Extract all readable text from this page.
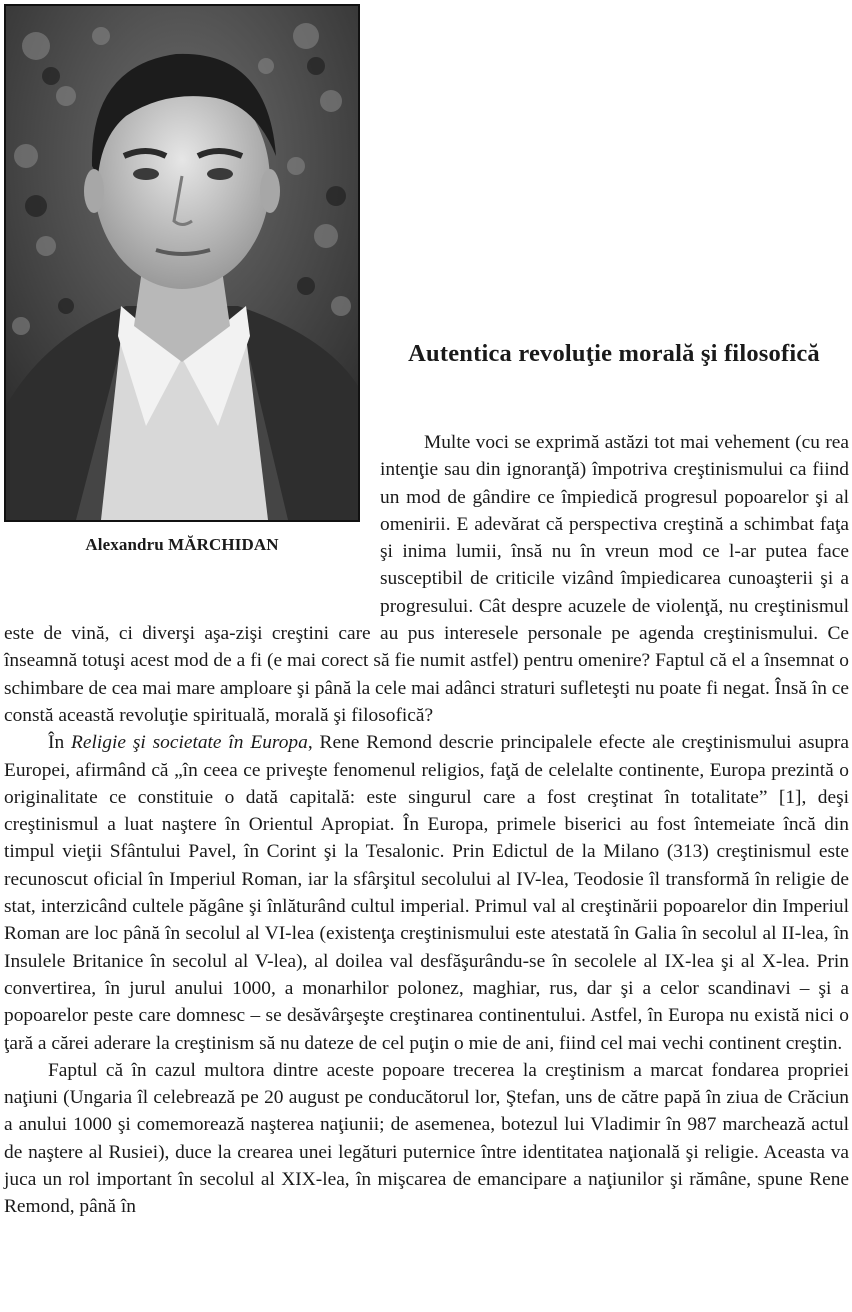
Alexandru MĂRCHIDAN
Autentica revoluţie morală şi filosofică

Multe voci se exprimă astăzi tot mai vehement (cu rea intenţie sau din ignoranţă) împotriva creştinismului ca fiind un mod de gândire ce împiedică progresul popoarelor şi al omenirii. E adevărat că perspectiva creştină a schimbat faţa şi inima lumii, însă nu în vreun mod ce l-ar putea face susceptibil de criticile vizând împiedicarea cunoaşterii şi a progresului. Cât despre acuzele de violenţă, nu creştinismul este de vină, ci diverşi aşa-zişi creştini care au pus interesele personale pe agenda creştinismului. Ce înseamnă totuşi acest mod de a fi (e mai corect să fie numit astfel) pentru omenire? Faptul că el a însemnat o schimbare de cea mai mare amploare şi până la cele mai adânci straturi sufleteşti nu poate fi negat. Însă în ce constă această revoluţie spirituală, morală şi filosofică?

În Religie şi societate în Europa, Rene Remond descrie principalele efecte ale creştinismului asupra Europei, afirmând că „în ceea ce priveşte fenomenul religios, faţă de celelalte continente, Europa prezintă o originalitate ce constituie o dată capitală: este singurul care a fost creştinat în totalitate” [1], deşi creştinismul a luat naştere în Orientul Apropiat. În Europa, primele biserici au fost întemeiate încă din timpul vieţii Sfântului Pavel, în Corint şi la Tesalonic. Prin Edictul de la Milano (313) creştinismul este recunoscut oficial în Imperiul Roman, iar la sfârşitul secolului al IV-lea, Teodosie îl transformă în religie de stat, interzicând cultele păgâne şi înlăturând cultul imperial. Primul val al creştinării popoarelor din Imperiul Roman are loc până în secolul al VI-lea (existenţa creştinismului este atestată în Galia în secolul al II-lea, în Insulele Britanice în secolul al V-lea), al doilea val desfăşurându-se în secolele al IX-lea şi al X-lea. Prin convertirea, în jurul anului 1000, a monarhilor polonez, maghiar, rus, dar şi a celor scandinavi – şi a popoarelor peste care domnesc – se desăvârşeşte creştinarea continentului. Astfel, în Europa nu există nici o ţară a cărei aderare la creştinism să nu dateze de cel puţin o mie de ani, fiind cel mai vechi continent creştin.

Faptul că în cazul multora dintre aceste popoare trecerea la creştinism a marcat fondarea propriei naţiuni (Ungaria îl celebrează pe 20 august pe conducătorul lor, Ştefan, uns de către papă în ziua de Crăciun a anului 1000 şi comemorează naşterea naţiunii; de asemenea, botezul lui Vladimir în 987 marchează actul de naştere al Rusiei), duce la crearea unei legături puternice între identitatea naţională şi religie. Aceasta va juca un rol important în secolul al XIX-lea, în mişcarea de emancipare a naţiunilor şi rămâne, spune Rene Remond, până în
